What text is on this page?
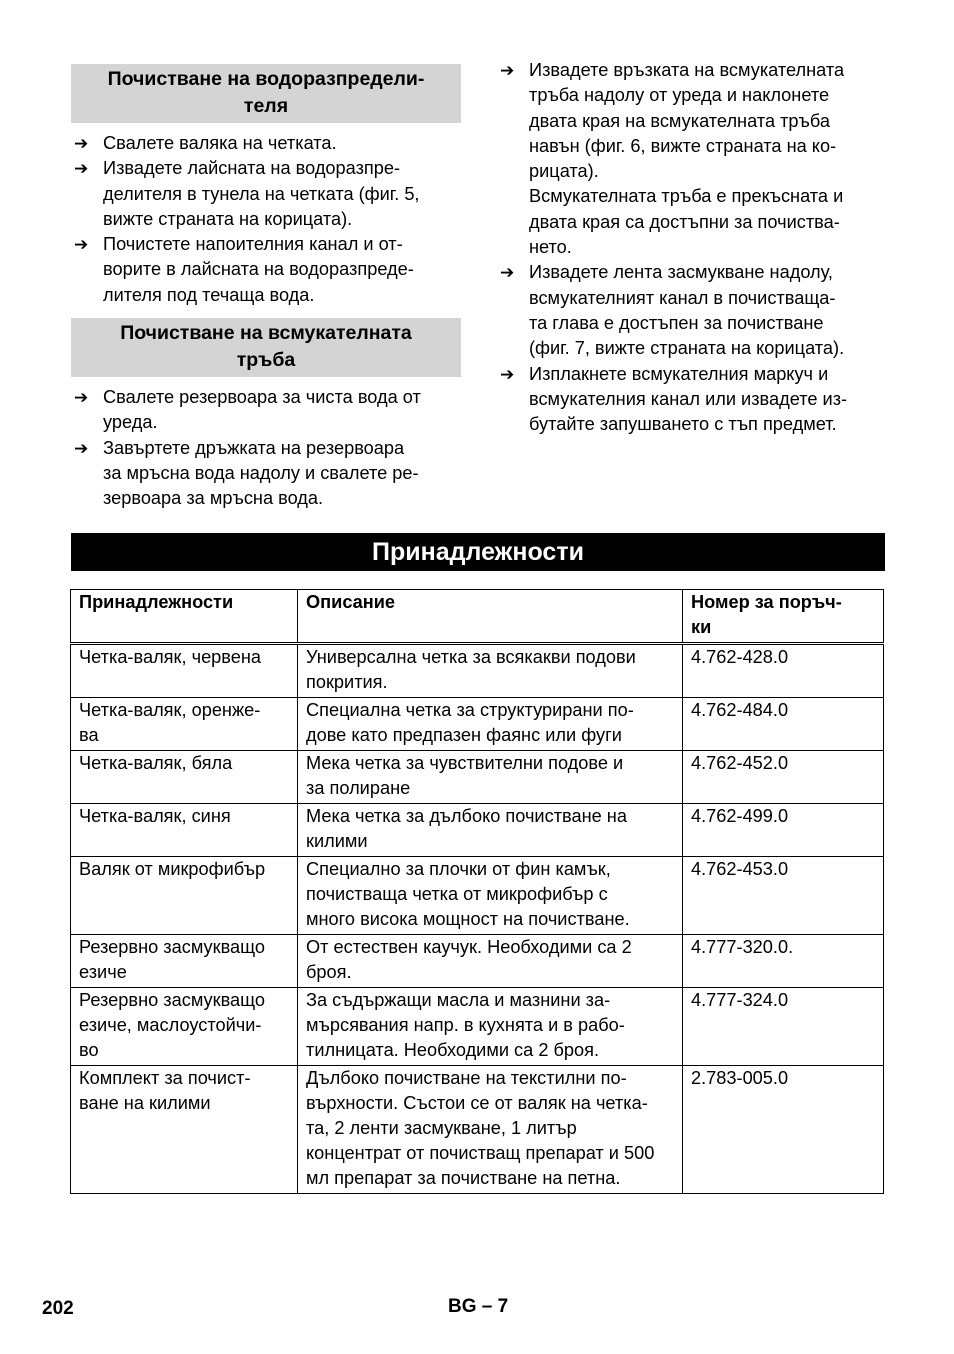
Почистване на водоразпредели-
теля
➔ Свалете валяка на четката.

➔ Извадете лайсната на водоразпре-
делителя в тунела на четката (фиг. 5,
вижте страната на корицата).

➔ Почистете напоителния канал и от-
ворите в лайсната на водоразпреде-
лителя под течаща вода.

Почистване на всмукателната
тръба
➔ Свалете резервоара за чиста вода от
уреда.

➔ Завъртете дръжката на резервоара
за мръсна вода надолу и свалете ре-
зервоара за мръсна вода.

➔ Извадете връзката на всмукателната
тръба надолу от уреда и наклонете
двата края на всмукателната тръба
навън (фиг. 6, вижте страната на ко-
рицата).

Всмукателната тръба е прекъсната и
двата края са достъпни за почиства-
нето.

➔ Извадете лента засмукване надолу,
всмукателният канал в почистваща-
та глава е достъпен за почистване
(фиг. 7, вижте страната на корицата).

➔ Изплакнете всмукателния маркуч и
всмукателния канал или извадете из-
бутайте запушването с тъп предмет.

Принадлежности
Принадлежности	Описание	Номер за поръч-
ки
Четка-валяк, червена	Универсална четка за всякакви подови
покрития.	4.762-428.0
Четка-валяк, оренже-
ва	Специална четка за структурирани по-
дове като предпазен фаянс или фуги	4.762-484.0
Четка-валяк, бяла	Мека четка за чувствителни подове и
за полиране	4.762-452.0
Четка-валяк, синя	Мека четка за дълбоко почистване на
килими	4.762-499.0
Валяк от микрофибър	Специално за плочки от фин камък,
почистваща четка от микрофибър с
много висока мощност на почистване.	4.762-453.0
Резервно засмукващо
езиче	От естествен каучук. Необходими са 2
броя.	4.777-320.0.
Резервно засмукващо
езиче, маслоустойчи-
во	За съдържащи масла и мазнини за-
мърсявания напр. в кухнята и в рабо-
тилницата. Необходими са 2 броя.	4.777-324.0
Комплект за почист-
ване на килими	Дълбоко почистване на текстилни по-
върхности. Състои се от валяк на четка-
та, 2 ленти засмукване, 1 литър
концентрат от почистващ препарат и 500
мл препарат за почистване на петна.	2.783-005.0
202	BG – 7
